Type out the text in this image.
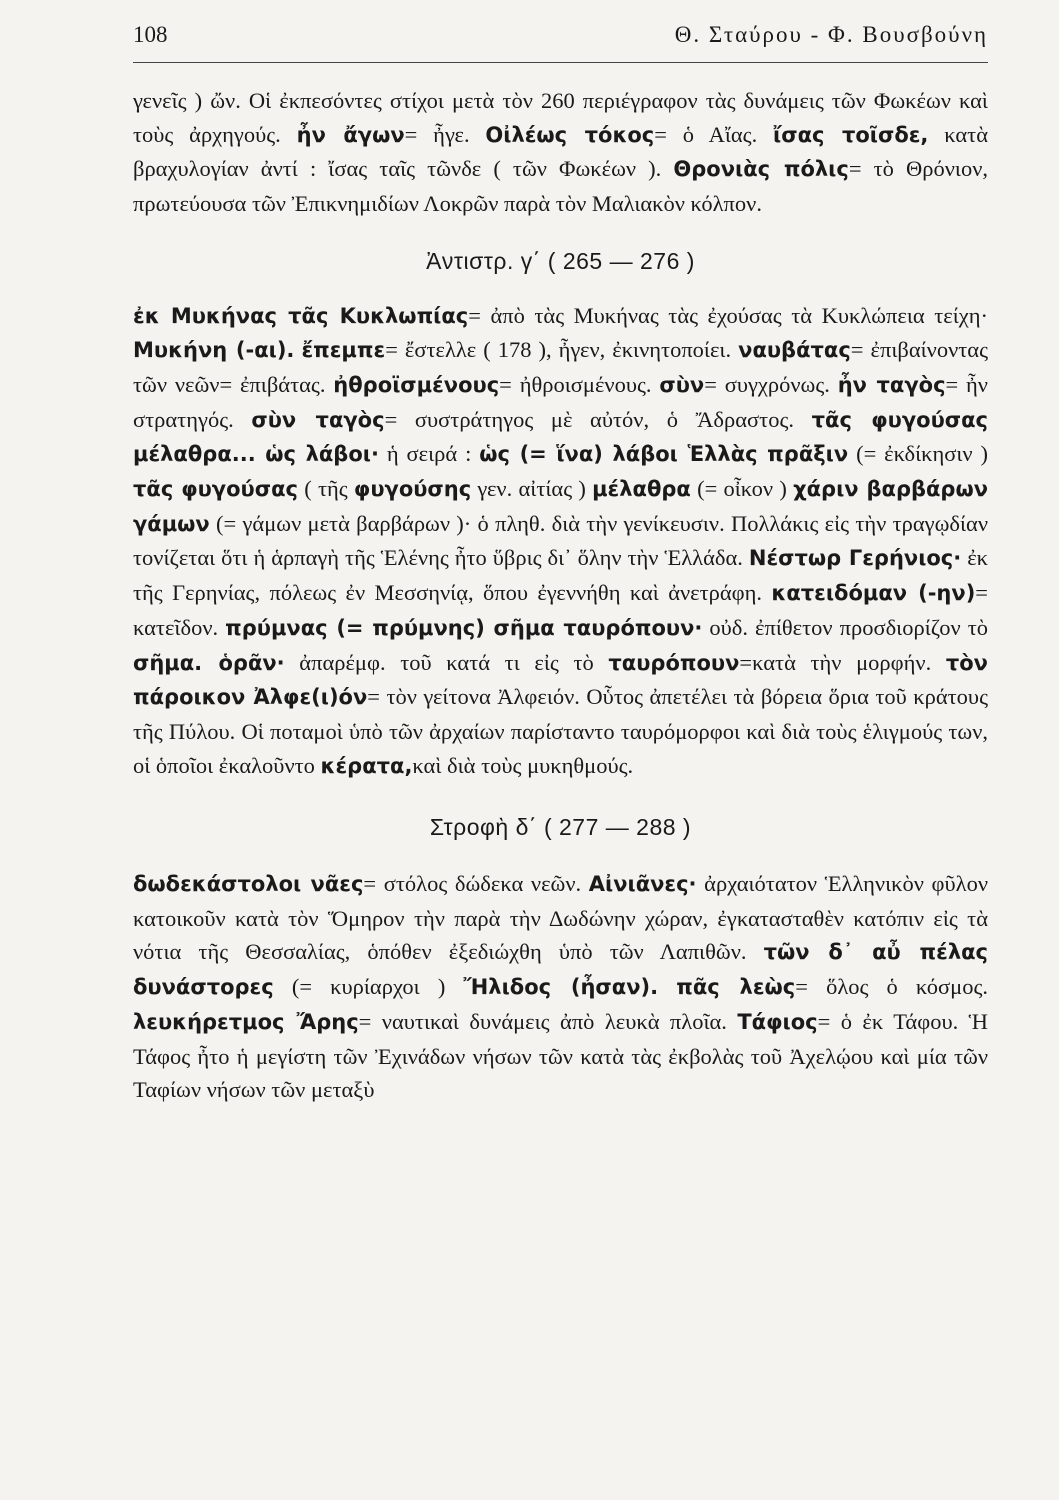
108	Θ. Σταύρου - Φ. Βουσβούνη

γενεῖς ) ὤν. Οἱ ἐκπεσόντες στίχοι μετὰ τὸν 260 περιέγραφον τὰς δυνάμεις τῶν Φωκέων καὶ τοὺς ἀρχηγούς. ἦν ἄγων= ἦγε. Οἰλέως τόκος= ὁ Αἴας. ἴσας τοῖσδε, κατὰ βραχυλογίαν ἀντί : ἴσας ταῖς τῶνδε ( τῶν Φωκέων ). Θρονιὰς πόλις= τὸ Θρόνιον, πρωτεύουσα τῶν Ἐπικνημιδίων Λοκρῶν παρὰ τὸν Μαλιακὸν κόλπον.

Ἀντιστρ. γ΄ ( 265 — 276 )

ἐκ Μυκήνας τᾶς Κυκλωπίας= ἀπὸ τὰς Μυκήνας τὰς ἐχούσας τὰ Κυκλώπεια τείχη· Μυκήνη (-αι). ἔπεμπε= ἔστελλε ( 178 ), ἦγεν, ἐκινητοποίει. ναυβάτας= ἐπιβαίνοντας τῶν νεῶν= ἐπιβάτας. ἠθροϊσμένους= ἠθροισμένους. σὺν= συγχρόνως. ἦν ταγὸς= ἦν στρατηγός. σὺν ταγὸς= συστράτηγος μὲ αὐτόν, ὁ Ἄδραστος. τᾶς φυγούσας μέλαθρα... ὡς λάβοι· ἡ σειρά : ὡς (= ἵνα) λάβοι Ἑλλὰς πρᾶξιν (= ἐκδίκησιν ) τᾶς φυγούσας ( τῆς φυγούσης γεν. αἰτίας ) μέλαθρα (= οἶκον ) χάριν βαρβάρων γάμων (= γάμων μετὰ βαρβάρων )· ὁ πληθ. διὰ τὴν γενίκευσιν. Πολλάκις εἰς τὴν τραγῳδίαν τονίζεται ὅτι ἡ ἁρπαγὴ τῆς Ἑλένης ἦτο ὕβρις δι᾽ ὅλην τὴν Ἑλλάδα. Νέστωρ Γερήνιος· ἐκ τῆς Γερηνίας, πόλεως ἐν Μεσσηνίᾳ, ὅπου ἐγεννήθη καὶ ἀνετράφη. κατειδόμαν (-ην)= κατεῖδον. πρύμνας (= πρύμνης) σῆμα ταυρόπουν· οὐδ. ἐπίθετον προσδιορίζον τὸ σῆμα. ὁρᾶν· ἀπαρέμφ. τοῦ κατά τι εἰς τὸ ταυρόπουν=κατὰ τὴν μορφήν. τὸν πάροικον Ἀλφε(ι)όν= τὸν γείτονα Ἀλφειόν. Οὗτος ἀπετέλει τὰ βόρεια ὅρια τοῦ κράτους τῆς Πύλου. Οἱ ποταμοὶ ὑπὸ τῶν ἀρχαίων παρίσταντο ταυρόμορφοι καὶ διὰ τοὺς ἑλιγμούς των, οἱ ὁποῖοι ἐκαλοῦντο κέρατα,καὶ διὰ τοὺς μυκηθμούς.

Στροφὴ δ΄ ( 277 — 288 )

δωδεκάστολοι νᾶες= στόλος δώδεκα νεῶν. Αἰνιᾶνες· ἀρχαιότατον Ἑλληνικὸν φῦλον κατοικοῦν κατὰ τὸν Ὅμηρον τὴν παρὰ τὴν Δωδώνην χώραν, ἐγκατασταθὲν κατόπιν εἰς τὰ νότια τῆς Θεσσαλίας, ὁπόθεν ἐξεδιώχθη ὑπὸ τῶν Λαπιθῶν. τῶν δ᾽ αὖ πέλας δυνάστορες (= κυρίαρχοι ) Ἤλιδος (ἦσαν). πᾶς λεὼς= ὅλος ὁ κόσμος. λευκήρετμος Ἄρης= ναυτικαὶ δυνάμεις ἀπὸ λευκὰ πλοῖα. Τάφιος= ὁ ἐκ Τάφου. Ἡ Τάφος ἦτο ἡ μεγίστη τῶν Ἐχινάδων νήσων τῶν κατὰ τὰς ἐκβολὰς τοῦ Ἀχελῴου καὶ μία τῶν Ταφίων νήσων τῶν μεταξὺ
